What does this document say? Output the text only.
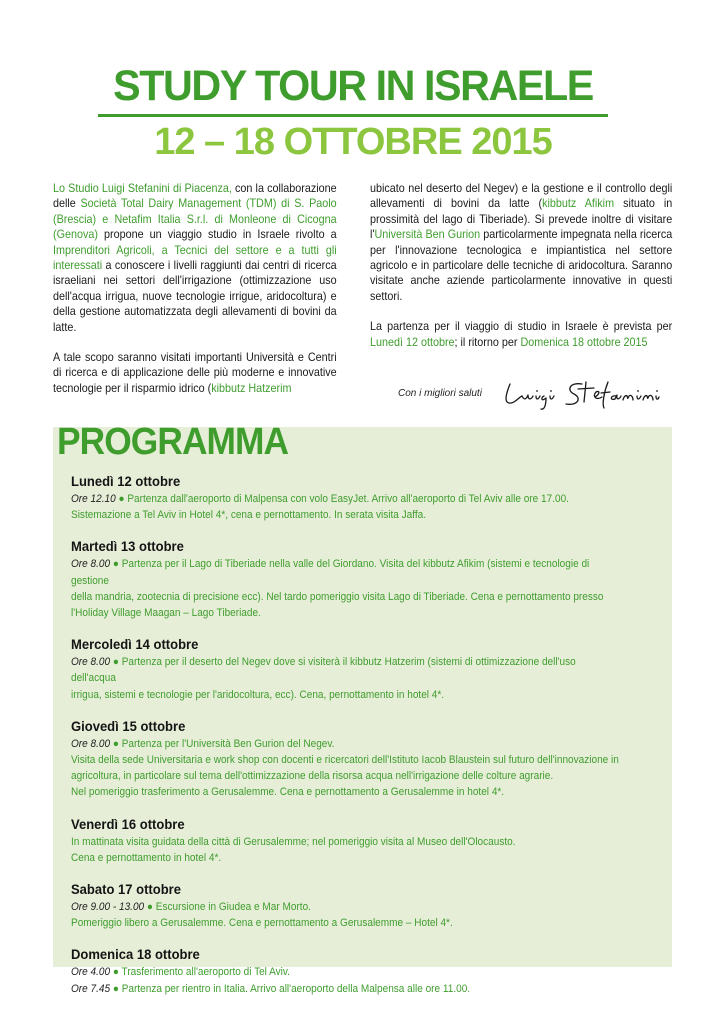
STUDY TOUR IN ISRAELE
12 – 18 OTTOBRE 2015

Lo Studio Luigi Stefanini di Piacenza, con la collaborazione delle Società Total Dairy Management (TDM) di S. Paolo (Brescia) e Netafim Italia S.r.l. di Monleone di Cicogna (Genova) propone un viaggio studio in Israele rivolto a Imprenditori Agricoli, a Tecnici del settore e a tutti gli interessati a conoscere i livelli raggiunti dai centri di ricerca israeliani nei settori dell'irrigazione (ottimizzazione uso dell'acqua irrigua, nuove tecnologie irrigue, aridocoltura) e della gestione automatizzata degli allevamenti di bovini da latte.

A tale scopo saranno visitati importanti Università e Centri di ricerca e di applicazione delle più moderne e innovative tecnologie per il risparmio idrico (kibbutz Hatzerim

ubicato nel deserto del Negev) e la gestione e il controllo degli allevamenti di bovini da latte (kibbutz Afikim situato in prossimità del lago di Tiberiade). Si prevede inoltre di visitare l'Università Ben Gurion particolarmente impegnata nella ricerca per l'innovazione tecnologica e impiantistica nel settore agricolo e in particolare delle tecniche di aridocoltura. Saranno visitate anche aziende particolarmente innovative in questi settori.

La partenza per il viaggio di studio in Israele è prevista per Lunedì 12 ottobre; il ritorno per Domenica 18 ottobre 2015

Con i migliori saluti
PROGRAMMA
Lunedì 12 ottobre
Ore 12.10 ● Partenza dall'aeroporto di Malpensa con volo EasyJet. Arrivo all'aeroporto di Tel Aviv alle ore 17.00.
Sistemazione a Tel Aviv in Hotel 4*, cena e pernottamento. In serata visita Jaffa.
Martedì 13 ottobre
Ore 8.00 ● Partenza per il Lago di Tiberiade nella valle del Giordano. Visita del kibbutz Afikim (sistemi e tecnologie di gestione
della mandria, zootecnia di precisione ecc). Nel tardo pomeriggio visita Lago di Tiberiade. Cena e pernottamento presso
l'Holiday Village Maagan – Lago Tiberiade.
Mercoledì 14 ottobre
Ore 8.00 ● Partenza per il deserto del Negev dove si visiterà il kibbutz Hatzerim (sistemi di ottimizzazione dell'uso dell'acqua
irrigua, sistemi e tecnologie per l'aridocoltura, ecc). Cena, pernottamento in hotel 4*.
Giovedì 15 ottobre
Ore 8.00 ● Partenza per l'Università Ben Gurion del Negev.
Visita della sede Universitaria e work shop con docenti e ricercatori dell'Istituto Iacob Blaustein sul futuro dell'innovazione in
agricoltura, in particolare sul tema dell'ottimizzazione della risorsa acqua nell'irrigazione delle colture agrarie.
Nel pomeriggio trasferimento a Gerusalemme. Cena e pernottamento a Gerusalemme in hotel 4*.
Venerdì 16 ottobre
In mattinata visita guidata della città di Gerusalemme; nel pomeriggio visita al Museo dell'Olocausto.
Cena e pernottamento in hotel 4*.
Sabato 17 ottobre
Ore 9.00 - 13.00 ● Escursione in Giudea e Mar Morto.
Pomeriggio libero a Gerusalemme. Cena e pernottamento a Gerusalemme – Hotel 4*.
Domenica 18 ottobre
Ore 4.00 ● Trasferimento all'aeroporto di Tel Aviv.
Ore 7.45 ● Partenza per rientro in Italia. Arrivo all'aeroporto della Malpensa alle ore 11.00.
